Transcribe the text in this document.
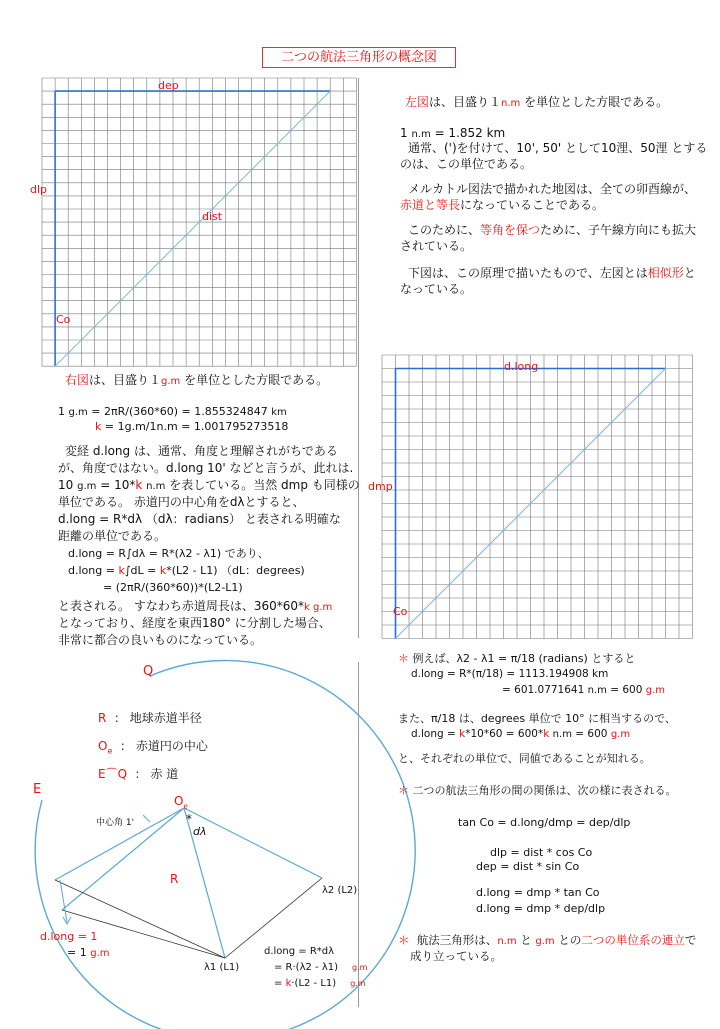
二つの航法三角形の概念図
dep
dlp
dist
Co
d.long
dmp
Co
左図は、目盛り１n.m を単位とした方眼である。
1 n.m = 1.852 km
通常、(')を付けて、10', 50' として10浬、50浬 とする
のは、この単位である。
メルカトル図法で描かれた地図は、全ての卯酉線が、
赤道と等長になっていることである。
このために、等角を保つために、子午線方向にも拡大
されている。
下図は、この原理で描いたもので、左図とは相似形と
なっている。
右図は、目盛り１g.m を単位とした方眼である。
1 g.m = 2πR/(360*60) = 1.855324847 km
k = 1g.m/1n.m = 1.001795273518
変経 d.long は、通常、角度と理解されがちである
が、角度ではない。d.long 10' などと言うが、此れは.
10 g.m = 10*k n.m を表している。当然 dmp も同様の
単位である。 赤道円の中心角をdλとすると、
d.long = R*dλ （dλ：radians） と表される明確な
距離の単位である。
d.long = R∫dλ = R*(λ2 - λ1) であり、
d.long = k∫dL = k*(L2 - L1) （dL：degrees)
= (2πR/(360*60))*(L2-L1)
と表される。 すなわち赤道周長は、360*60*k g.m
となっており、経度を東西180° に分割した場合、
非常に都合の良いものになっている。
Q
E
R ： 地球赤道半径
$O_e$ ： 赤道円の中心
E⌒Q ： 赤 道
$O_e$
中心角 1'	*
dλ
R
λ2 (L2)
λ1 (L1)
d.long = 1
= 1 g.m	d.long = R*dλ
= R·(λ2 - λ1) g.m
= k·(L2 - L1) g.m
＊ 例えば、λ2 - λ1 = π/18 (radians) とすると
d.long = R*(π/18) = 1113.194908 km
= 601.0771641 n.m = 600 g.m
また、π/18 は、degrees 単位で 10° に相当するので、
d.long = k*10*60 = 600*k n.m = 600 g.m
と、それぞれの単位で、同値であることが知れる。
＊ 二つの航法三角形の間の関係は、次の様に表される。
tan Co = d.long/dmp = dep/dlp
dlp = dist * cos Co
dep = dist * sin Co
d.long = dmp * tan Co
d.long = dmp * dep/dlp
＊ 航法三角形は、n.m と g.m との二つの単位系の連立で
成り立っている。
